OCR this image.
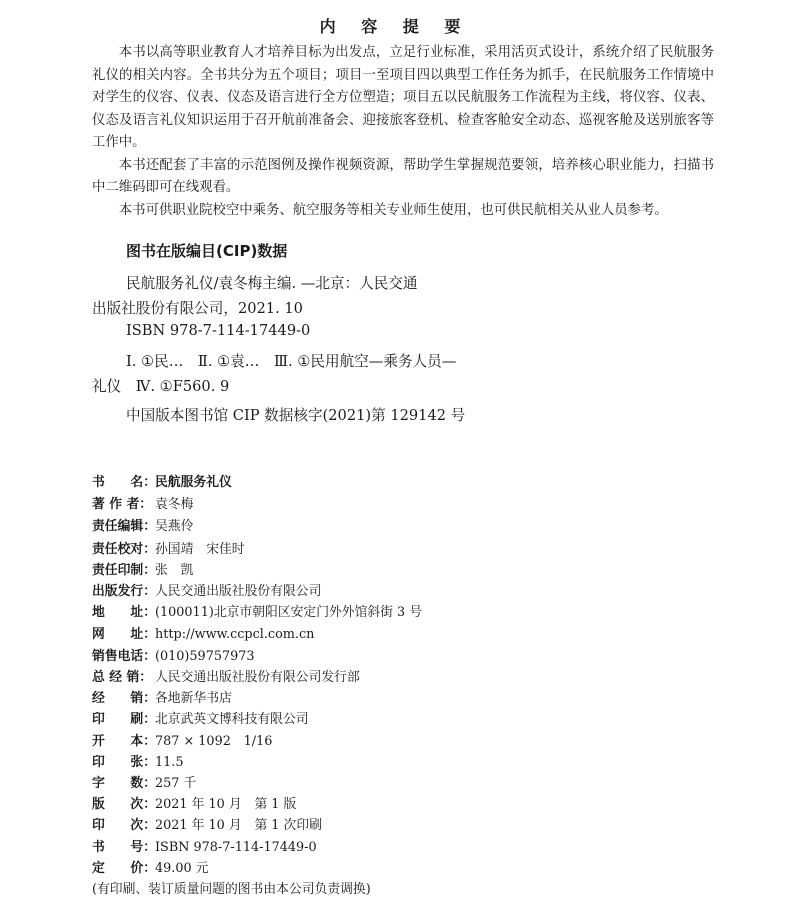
内 容 提 要

本书以高等职业教育人才培养目标为出发点，立足行业标准，采用活页式设计，系统介绍了民航服务礼仪的相关内容。全书共分为五个项目；项目一至项目四以典型工作任务为抓手，在民航服务工作情境中对学生的仪容、仪表、仪态及语言进行全方位塑造；项目五以民航服务工作流程为主线，将仪容、仪表、仪态及语言礼仪知识运用于召开航前准备会、迎接旅客登机、检查客舱安全动态、巡视客舱及送别旅客等工作中。

本书还配套了丰富的示范图例及操作视频资源，帮助学生掌握规范要领，培养核心职业能力，扫描书中二维码即可在线观看。

本书可供职业院校空中乘务、航空服务等相关专业师生使用，也可供民航相关从业人员参考。

图书在版编目(CIP)数据
民航服务礼仪/袁冬梅主编. —北京：人民交通
出版社股份有限公司，2021. 10
ISBN 978-7-114-17449-0
Ⅰ. ①民…　Ⅱ. ①袁…　Ⅲ. ①民用航空—乘务人员—
礼仪　Ⅳ. ①F560. 9
中国版本图书馆 CIP 数据核字(2021)第 129142 号
书　　名：民航服务礼仪
著 作 者： 袁冬梅
责任编辑：吴燕伶
责任校对：孙国靖　宋佳时
责任印制：张　凯
出版发行：人民交通出版社股份有限公司
地　　址：(100011)北京市朝阳区安定门外外馆斜街 3 号
网　　址：http://www.ccpcl.com.cn
销售电话：(010)59757973
总 经 销： 人民交通出版社股份有限公司发行部
经　　销：各地新华书店
印　　刷：北京武英文博科技有限公司
开　　本：787 × 1092　1/16
印　　张：11.5
字　　数：257 千
版　　次：2021 年 10 月　第 1 版
印　　次：2021 年 10 月　第 1 次印刷
书　　号：ISBN 978-7-114-17449-0
定　　价：49.00 元
(有印刷、装订质量问题的图书由本公司负责调换)
